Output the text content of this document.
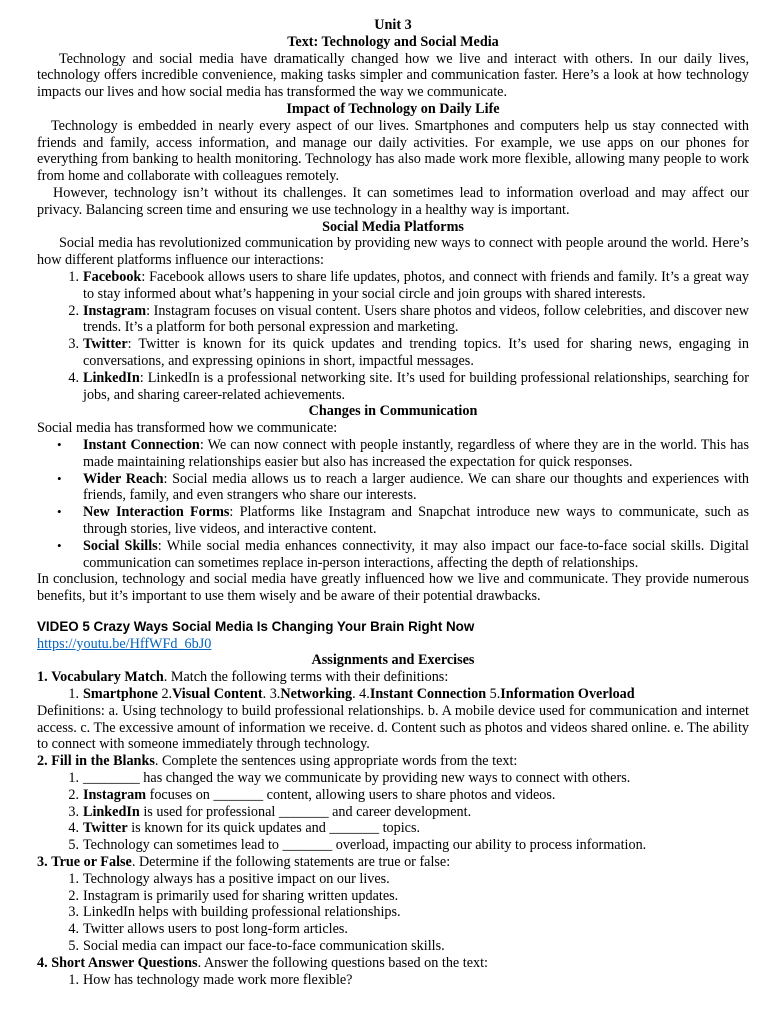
Unit 3
Text: Technology and Social Media

Technology and social media have dramatically changed how we live and interact with others. In our daily lives, technology offers incredible convenience, making tasks simpler and communication faster. Here’s a look at how technology impacts our lives and how social media has transformed the way we communicate.

Impact of Technology on Daily Life

Technology is embedded in nearly every aspect of our lives. Smartphones and computers help us stay connected with friends and family, access information, and manage our daily activities. For example, we use apps on our phones for everything from banking to health monitoring. Technology has also made work more flexible, allowing many people to work from home and collaborate with colleagues remotely.

However, technology isn’t without its challenges. It can sometimes lead to information overload and may affect our privacy. Balancing screen time and ensuring we use technology in a healthy way is important.

Social Media Platforms

Social media has revolutionized communication by providing new ways to connect with people around the world. Here’s how different platforms influence our interactions:

1. Facebook: Facebook allows users to share life updates, photos, and connect with friends and family. It’s a great way to stay informed about what’s happening in your social circle and join groups with shared interests.
2. Instagram: Instagram focuses on visual content. Users share photos and videos, follow celebrities, and discover new trends. It’s a platform for both personal expression and marketing.
3. Twitter: Twitter is known for its quick updates and trending topics. It’s used for sharing news, engaging in conversations, and expressing opinions in short, impactful messages.
4. LinkedIn: LinkedIn is a professional networking site. It’s used for building professional relationships, searching for jobs, and sharing career-related achievements.
Changes in Communication

Social media has transformed how we communicate:

•	Instant Connection: We can now connect with people instantly, regardless of where they are in the world. This has made maintaining relationships easier but also has increased the expectation for quick responses.
•	Wider Reach: Social media allows us to reach a larger audience. We can share our thoughts and experiences with friends, family, and even strangers who share our interests.
•	New Interaction Forms: Platforms like Instagram and Snapchat introduce new ways to communicate, such as through stories, live videos, and interactive content.
•	Social Skills: While social media enhances connectivity, it may also impact our face-to-face social skills. Digital communication can sometimes replace in-person interactions, affecting the depth of relationships.

In conclusion, technology and social media have greatly influenced how we live and communicate. They provide numerous benefits, but it’s important to use them wisely and be aware of their potential drawbacks.

VIDEO 5 Crazy Ways Social Media Is Changing Your Brain Right Now
https://youtu.be/HffWFd_6bJ0
Assignments and Exercises
1. Vocabulary Match. Match the following terms with their definitions:
1. Smartphone 2.Visual Content. 3.Networking. 4.Instant Connection 5.Information Overload

Definitions: a. Using technology to build professional relationships. b. A mobile device used for communication and internet access. c. The excessive amount of information we receive. d. Content such as photos and videos shared online. e. The ability to connect with someone immediately through technology.

2. Fill in the Blanks. Complete the sentences using appropriate words from the text:
1. ________ has changed the way we communicate by providing new ways to connect with others.
2. Instagram focuses on _______ content, allowing users to share photos and videos.
3. LinkedIn is used for professional _______ and career development.
4. Twitter is known for its quick updates and _______ topics.
5. Technology can sometimes lead to _______ overload, impacting our ability to process information.
3. True or False. Determine if the following statements are true or false:
1. Technology always has a positive impact on our lives.
2. Instagram is primarily used for sharing written updates.
3. LinkedIn helps with building professional relationships.
4. Twitter allows users to post long-form articles.
5. Social media can impact our face-to-face communication skills.
4. Short Answer Questions. Answer the following questions based on the text:
1. How has technology made work more flexible?
